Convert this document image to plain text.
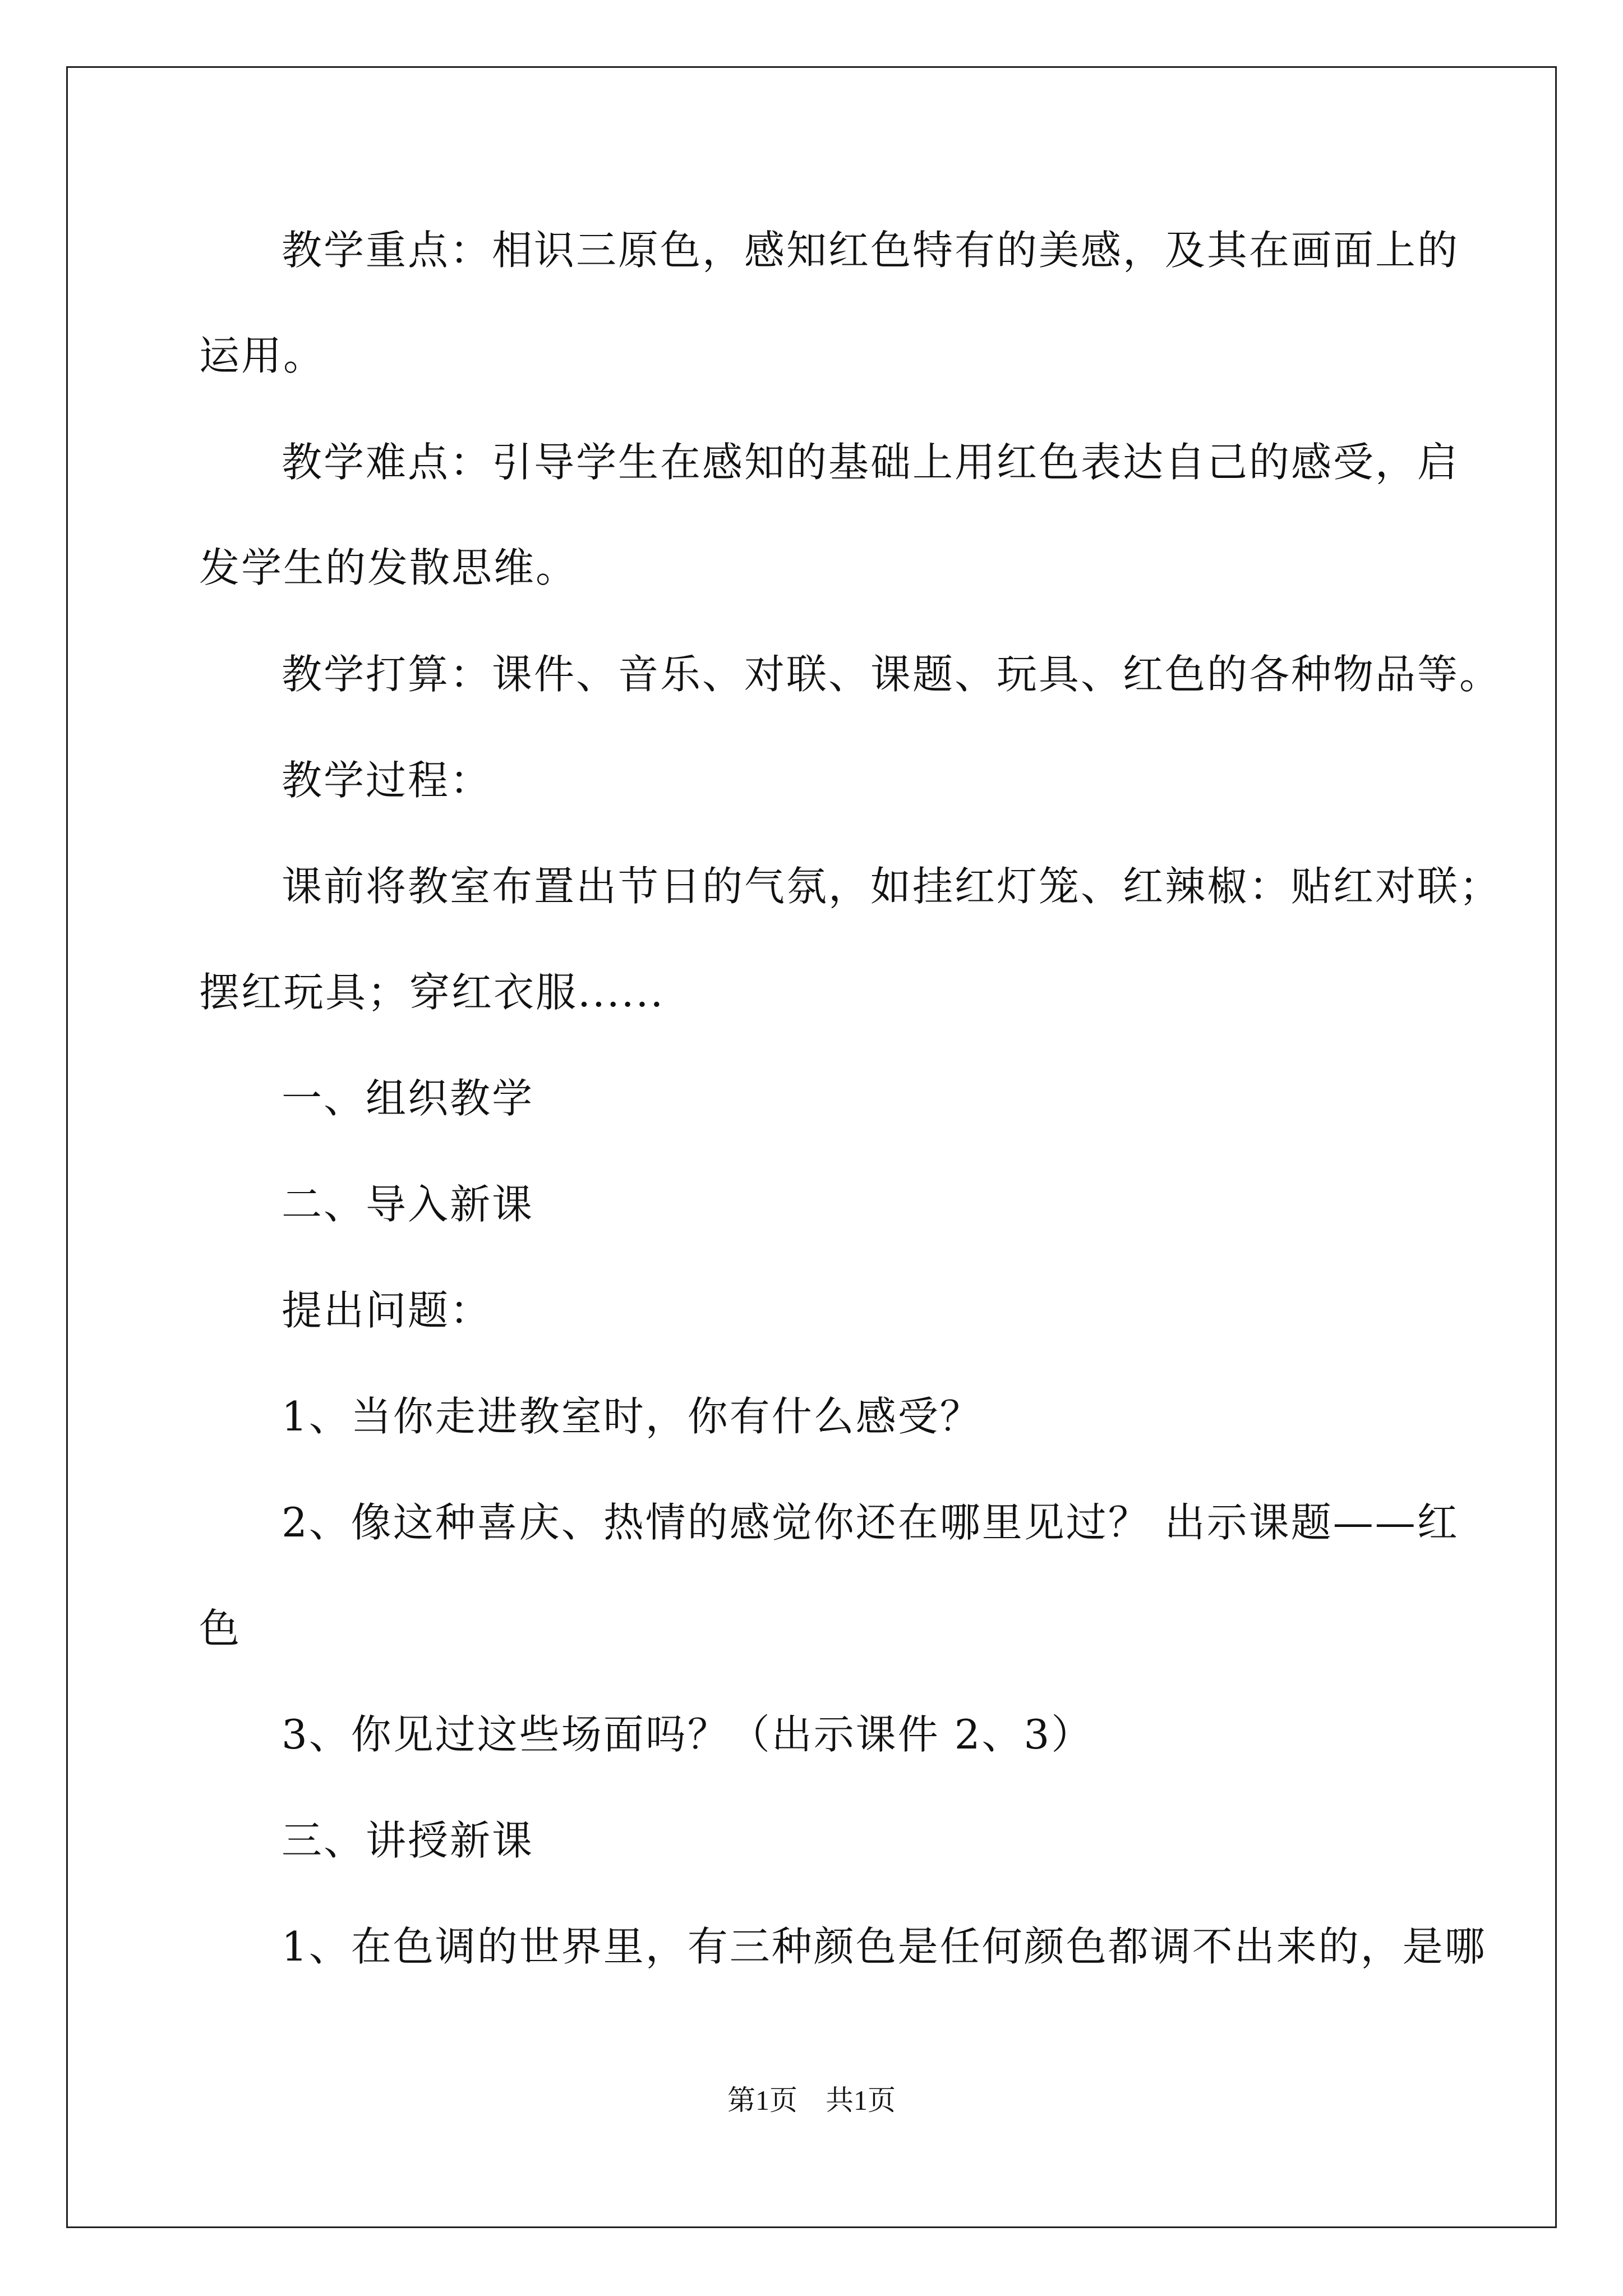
教学重点：相识三原色，感知红色特有的美感，及其在画面上的
运用。
教学难点：引导学生在感知的基础上用红色表达自己的感受，启
发学生的发散思维。
教学打算：课件、音乐、对联、课题、玩具、红色的各种物品等。
教学过程：
课前将教室布置出节日的气氛，如挂红灯笼、红辣椒：贴红对联；
摆红玩具；穿红衣服......
一、组织教学
二、导入新课
提出问题：
1、当你走进教室时，你有什么感受？
2、像这种喜庆、热情的感觉你还在哪里见过？ 出示课题——红
色
3、你见过这些场面吗？（出示课件 2、3）
三、讲授新课
1、在色调的世界里，有三种颜色是任何颜色都调不出来的，是哪
第1页　共1页
